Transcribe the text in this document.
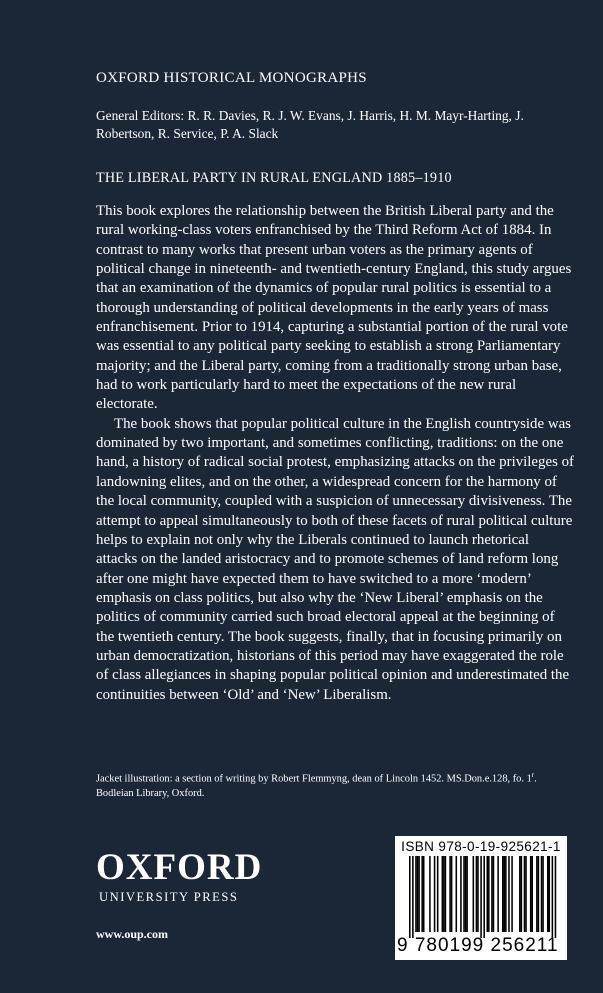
OXFORD HISTORICAL MONOGRAPHS
General Editors: R. R. Davies, R. J. W. Evans, J. Harris, H. M. Mayr-Harting, J. Robertson, R. Service, P. A. Slack
THE LIBERAL PARTY IN RURAL ENGLAND 1885–1910

This book explores the relationship between the British Liberal party and the rural working-class voters enfranchised by the Third Reform Act of 1884. In contrast to many works that present urban voters as the primary agents of political change in nineteenth- and twentieth-century England, this study argues that an examination of the dynamics of popular rural politics is essential to a thorough understanding of political developments in the early years of mass enfranchisement. Prior to 1914, capturing a substantial portion of the rural vote was essential to any political party seeking to establish a strong Parliamentary majority; and the Liberal party, coming from a traditionally strong urban base, had to work particularly hard to meet the expectations of the new rural electorate.

The book shows that popular political culture in the English countryside was dominated by two important, and sometimes conflicting, traditions: on the one hand, a history of radical social protest, emphasizing attacks on the privileges of landowning elites, and on the other, a widespread concern for the harmony of the local community, coupled with a suspicion of unnecessary divisiveness. The attempt to appeal simultaneously to both of these facets of rural political culture helps to explain not only why the Liberals continued to launch rhetorical attacks on the landed aristocracy and to promote schemes of land reform long after one might have expected them to have switched to a more ‘modern’ emphasis on class politics, but also why the ‘New Liberal’ emphasis on the politics of community carried such broad electoral appeal at the beginning of the twentieth century. The book suggests, finally, that in focusing primarily on urban democratization, historians of this period may have exaggerated the role of class allegiances in shaping popular political opinion and underestimated the continuities between ‘Old’ and ‘New’ Liberalism.

Jacket illustration: a section of writing by Robert Flemmyng, dean of Lincoln 1452. MS.Don.e.128, fo. 1$^r$. Bodleian Library, Oxford.
OXFORD
UNIVERSITY PRESS
www.oup.com
ISBN 978-0-19-925621-1
9 780199 256211
